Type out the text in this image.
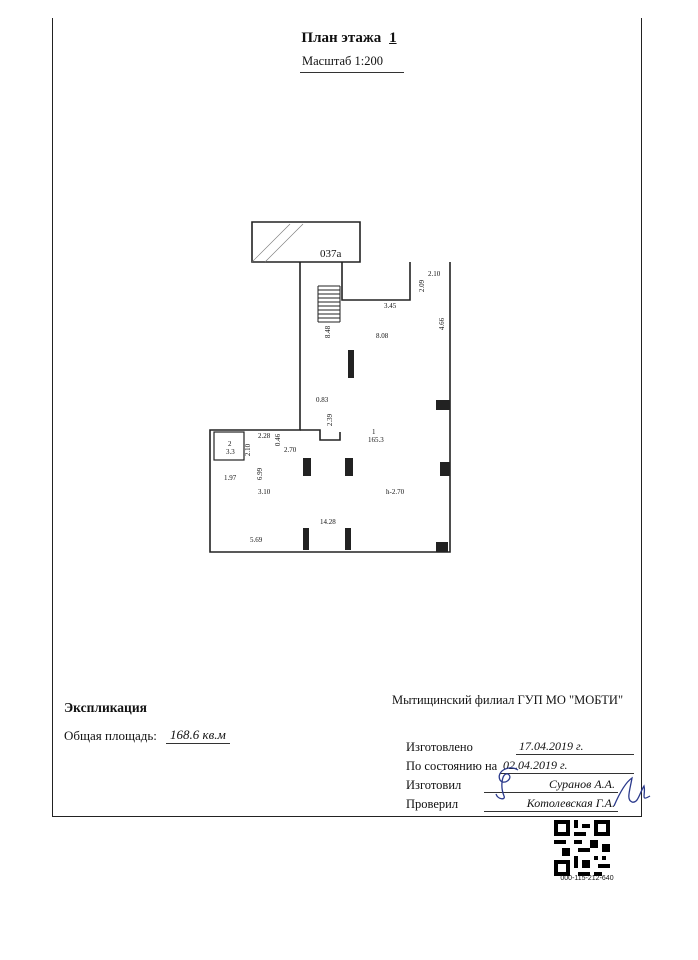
План этажа 1
Масштаб 1:200
037а
2.10
2.09
3.45
8.48	8.08
4.66
0.83
2.39
2.28 0.46
2.10	2.70
3.3
2
1.97	6.99
3.10
1
165.3
h-2.70
14.28
5.69
Экспликация
Общая площадь:	168.6 кв.м
Мытищинский филиал ГУП МО "МОБТИ"
Изготовлено	17.04.2019 г.
По состоянию на 02.04.2019 г.
Изготовил	Суранов А.А.
Проверил	Котолевская Г.А.
000-115-212-640
